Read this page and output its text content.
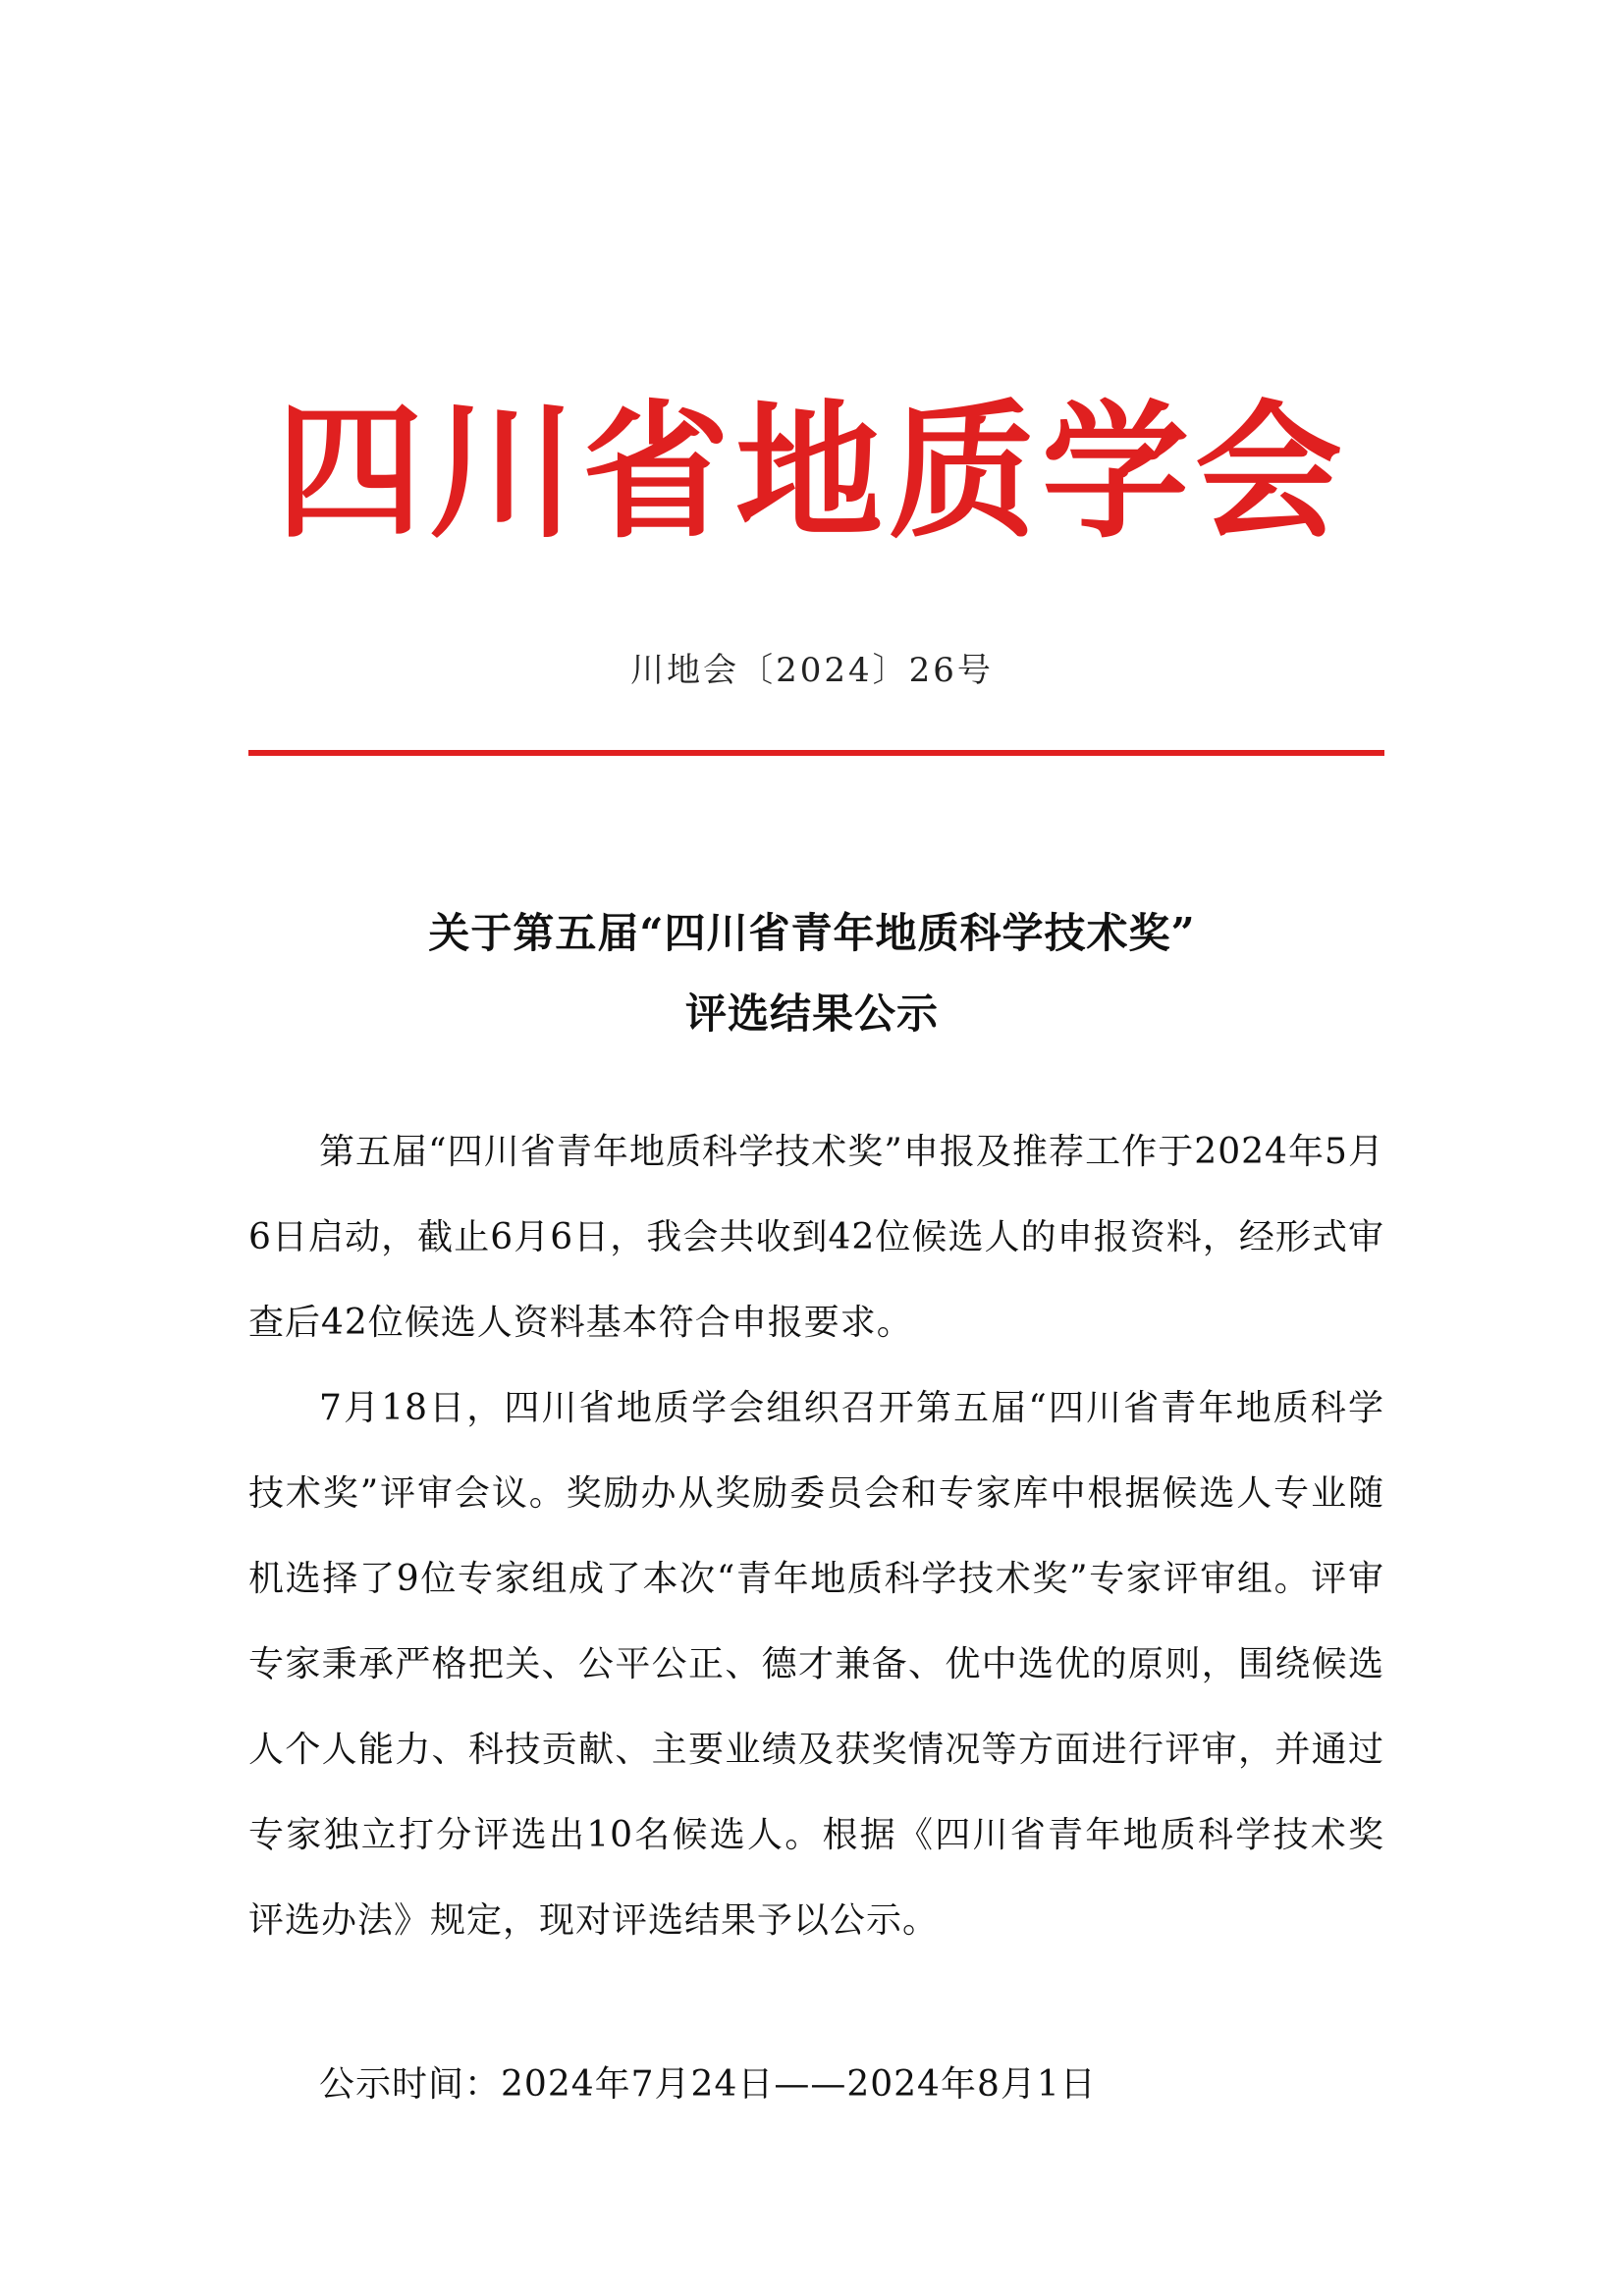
四川省地质学会
川地会〔2024〕26号
关于第五届“四川省青年地质科学技术奖”
评选结果公示

第五届“四川省青年地质科学技术奖”申报及推荐工作于2024年5月6日启动，截止6月6日，我会共收到42位候选人的申报资料，经形式审查后42位候选人资料基本符合申报要求。

7月18日，四川省地质学会组织召开第五届“四川省青年地质科学技术奖”评审会议。奖励办从奖励委员会和专家库中根据候选人专业随机选择了9位专家组成了本次“青年地质科学技术奖”专家评审组。评审专家秉承严格把关、公平公正、德才兼备、优中选优的原则，围绕候选人个人能力、科技贡献、主要业绩及获奖情况等方面进行评审，并通过专家独立打分评选出10名候选人。根据《四川省青年地质科学技术奖评选办法》规定，现对评选结果予以公示。

公示时间：2024年7月24日——2024年8月1日
